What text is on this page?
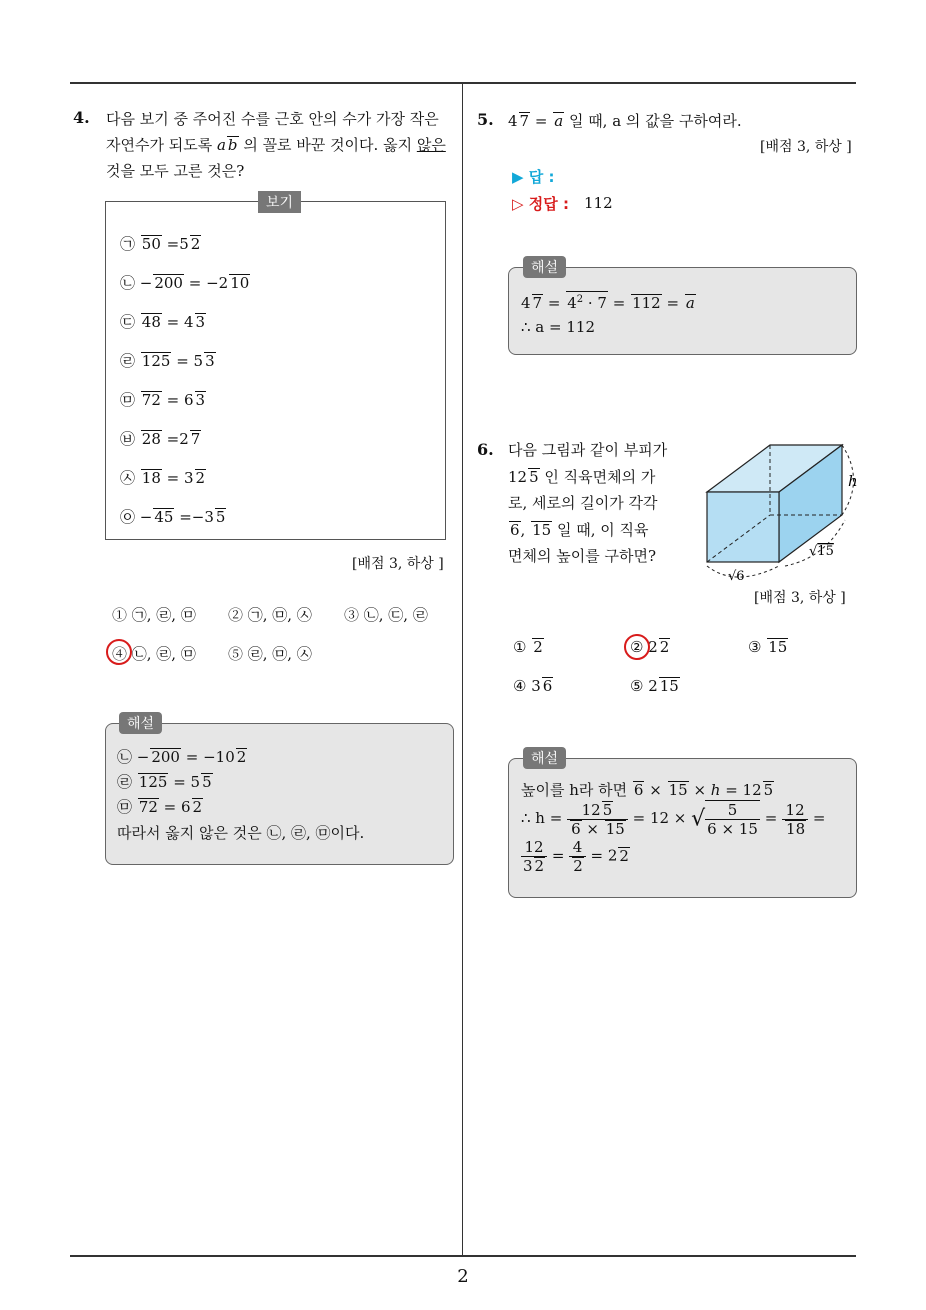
2
4. 다음 보기 중 주어진 수를 근호 안의 수가 가장 작은
자연수가 되도록 a b 의 꼴로 바꾼 것이다. 옳지 않은
것을 모두 고른 것은?
보기
㉠ 50 =5 2
㉡ − 200 = −2 10
㉢ 48 = 4 3
㉣ 125 = 5 3
㉤ 72 = 6 3
㉥ 28 =2 7
㉦ 18 = 3 2
㉧ − 45 =−3 5
[배점 3, 하상 ]
① ㉠, ㉣, ㉤ ② ㉠, ㉤, ㉦ ③ ㉡, ㉢, ㉣
④ ㉡, ㉣, ㉤ ⑤ ㉣, ㉤, ㉦
해설
㉡ − 200 = −10 2
㉣ 125 = 5 5
㉤ 72 = 6 2
따라서 옳지 않은 것은 ㉡, ㉣, ㉤이다.
5. 4 7 = a 일 때, a 의 값을 구하여라.
[배점 3, 하상 ]
▶ 답 :
▷ 정답 : 112
해설
4 $7 = 4^2 \cdot 7 = 112 = a$
∴ a = 112
6. 다음 그림과 같이 부피가
12 5 인 직육면체의 가
로, 세로의 길이가 각각
6, 15 일 때, 이 직육
면체의 높이를 구하면?
h
√15
√6
[배점 3, 하상 ]
① 2	② 2 2	③ 15
④ 3 6	⑤ 2 15
해설
높이를 h라 하면 6 × 15 × h = 12 5
∴ $h = \frac{12 5}{6 \times 15} = 12$ × √ $\frac{5}{6 \times 15} = \frac{12}{18}$ =
$\frac{12}{3 2} = \frac{4}{2} = 2$ 2
